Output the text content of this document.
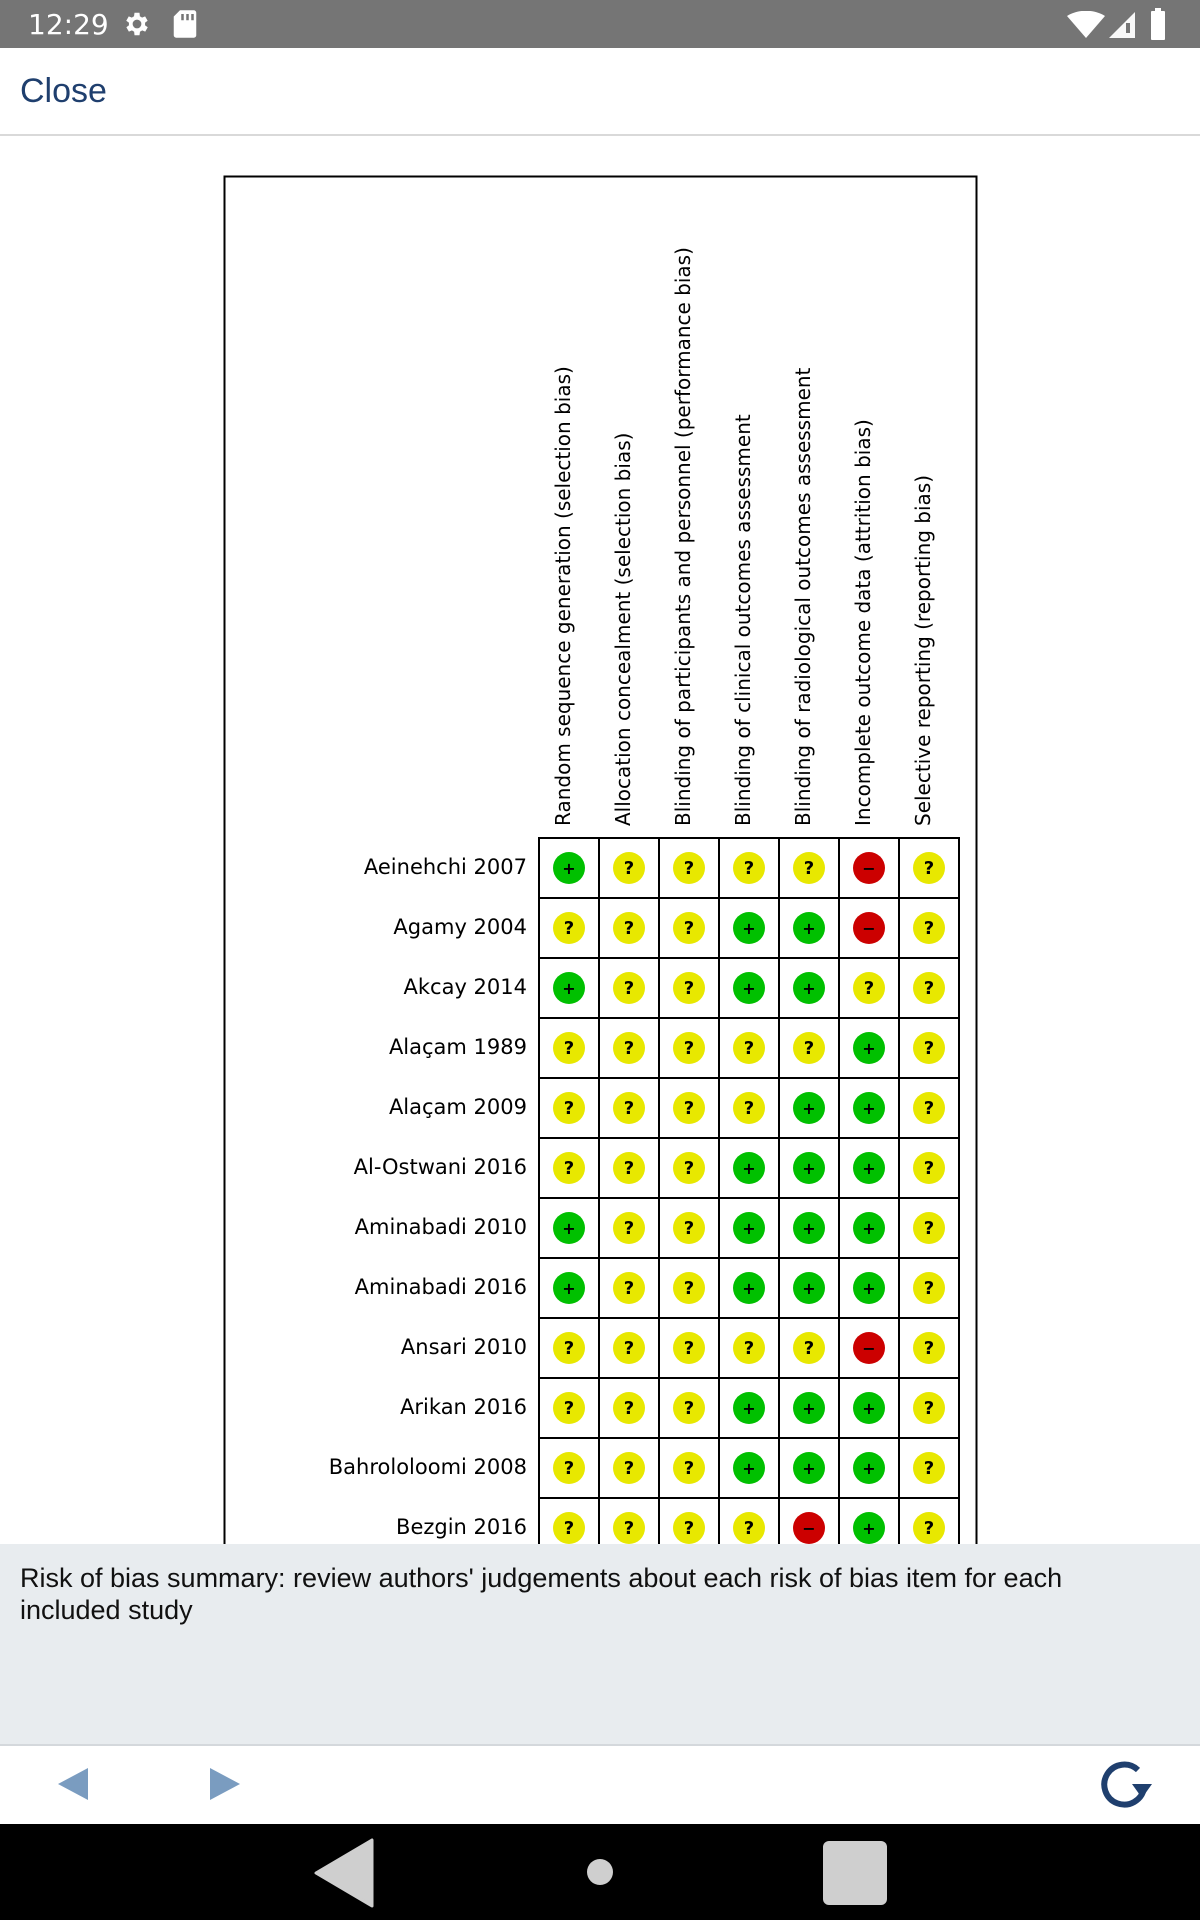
12:29
Close
Random sequence generation (selection bias) Allocation concealment (selection bias) Blinding of participants and personnel (performance bias) Blinding of clinical outcomes assessment Blinding of radiological outcomes assessment Incomplete outcome data (attrition bias) Selective reporting (reporting bias)
Aeinehchi 2007 +	?	?	?	?	−	?
Agamy 2004 ?	?	?	+	+	−	?
Akcay 2014 +	?	?	+	+	?	?
Alaçam 1989 ?	?	?	?	?	+	?
Alaçam 2009 ?	?	?	?	+	+	?
Al-Ostwani 2016 ?	?	?	+	+	+	?
Aminabadi 2010 +	?	?	+	+	+	?
Aminabadi 2016 +	?	?	+	+	+	?
Ansari 2010 ?	?	?	?	?	−	?
Arikan 2016 ?	?	?	+	+	+	?
Bahrololoomi 2008 ?	?	?	+	+	+	?
Bezgin 2016 ?	?	?	?	−	+	?
Risk of bias summary: review authors' judgements about each risk of bias item for each included study
